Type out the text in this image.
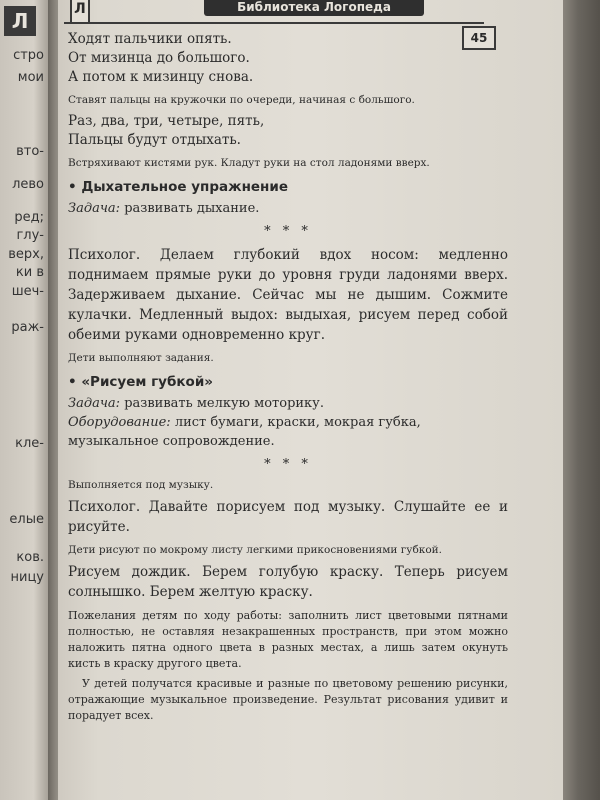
Л
стро
мои
вто-
лево
ред;
глу-
верх,
ки в
шеч-
раж-
кле-
елые
ков.
ницу
Л	Библиотека Логопеда
45

Ходят пальчики опять.

От мизинца до большого.

А потом к мизинцу снова.

Ставят пальцы на кружочки по очереди, начиная с большого.

Раз, два, три, четыре, пять,

Пальцы будут отдыхать.

Встряхивают кистями рук. Кладут руки на стол ладонями вверх.

• Дыхательное упражнение

Задача: развивать дыхание.

* * *

Психолог. Делаем глубокий вдох носом: медленно поднимаем прямые руки до уровня груди ладонями вверх. Задерживаем дыхание. Сейчас мы не дышим. Сожмите кулачки. Медленный выдох: выдыхая, рисуем перед собой обеими руками одновременно круг.

Дети выполняют задания.

• «Рисуем губкой»

Задача: развивать мелкую моторику.

Оборудование: лист бумаги, краски, мокрая губка, музыкальное сопровождение.

* * *

Выполняется под музыку.

Психолог. Давайте порисуем под музыку. Слушайте ее и рисуйте.

Дети рисуют по мокрому листу легкими прикосновениями губкой.

Рисуем дождик. Берем голубую краску. Теперь рисуем солнышко. Берем желтую краску.

Пожелания детям по ходу работы: заполнить лист цветовыми пятнами полностью, не оставляя незакрашенных пространств, при этом можно наложить пятна одного цвета в разных местах, а лишь затем окунуть кисть в краску другого цвета.

У детей получатся красивые и разные по цветовому решению рисунки, отражающие музыкальное произведение. Результат рисования удивит и порадует всех.
